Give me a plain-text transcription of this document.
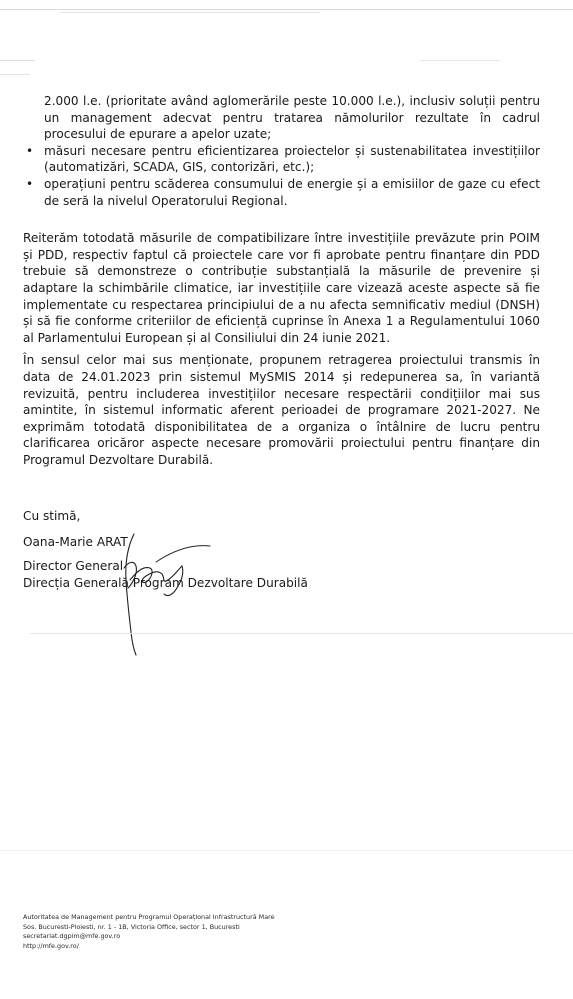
2.000 l.e. (prioritate având aglomerările peste 10.000 l.e.), inclusiv soluții pentru un management adecvat pentru tratarea nămolurilor rezultate în cadrul procesului de epurare a apelor uzate;

• măsuri necesare pentru eficientizarea proiectelor și sustenabilitatea investițiilor (automatizări, SCADA, GIS, contorizări, etc.);
• operațiuni pentru scăderea consumului de energie și a emisiilor de gaze cu efect de seră la nivelul Operatorului Regional.

Reiterăm totodată măsurile de compatibilizare între investițiile prevăzute prin POIM și PDD, respectiv faptul că proiectele care vor fi aprobate pentru finanțare din PDD trebuie să demonstreze o contribuție substanțială la măsurile de prevenire și adaptare la schimbările climatice, iar investițiile care vizează aceste aspecte să fie implementate cu respectarea principiului de a nu afecta semnificativ mediul (DNSH) și să fie conforme criteriilor de eficiență cuprinse în Anexa 1 a Regulamentului 1060 al Parlamentului European și al Consiliului din 24 iunie 2021.

În sensul celor mai sus menționate, propunem retragerea proiectului transmis în data de 24.01.2023 prin sistemul MySMIS 2014 și redepunerea sa, în variantă revizuită, pentru includerea investițiilor necesare respectării condițiilor mai sus amintite, în sistemul informatic aferent perioadei de programare 2021-2027. Ne exprimăm totodată disponibilitatea de a organiza o întâlnire de lucru pentru clarificarea oricăror aspecte necesare promovării proiectului pentru finanțare din Programul Dezvoltare Durabilă.

Cu stimă,
Oana-Marie ARAT
Director General
Direcția Generală Program Dezvoltare Durabilă
Autoritatea de Management pentru Programul Operațional Infrastructură Mare
Sos. Bucuresti-Ploiesti, nr. 1 - 1B, Victoria Office, sector 1, Bucuresti
secretariat.dgpim@mfe.gov.ro
http://mfe.gov.ro/
